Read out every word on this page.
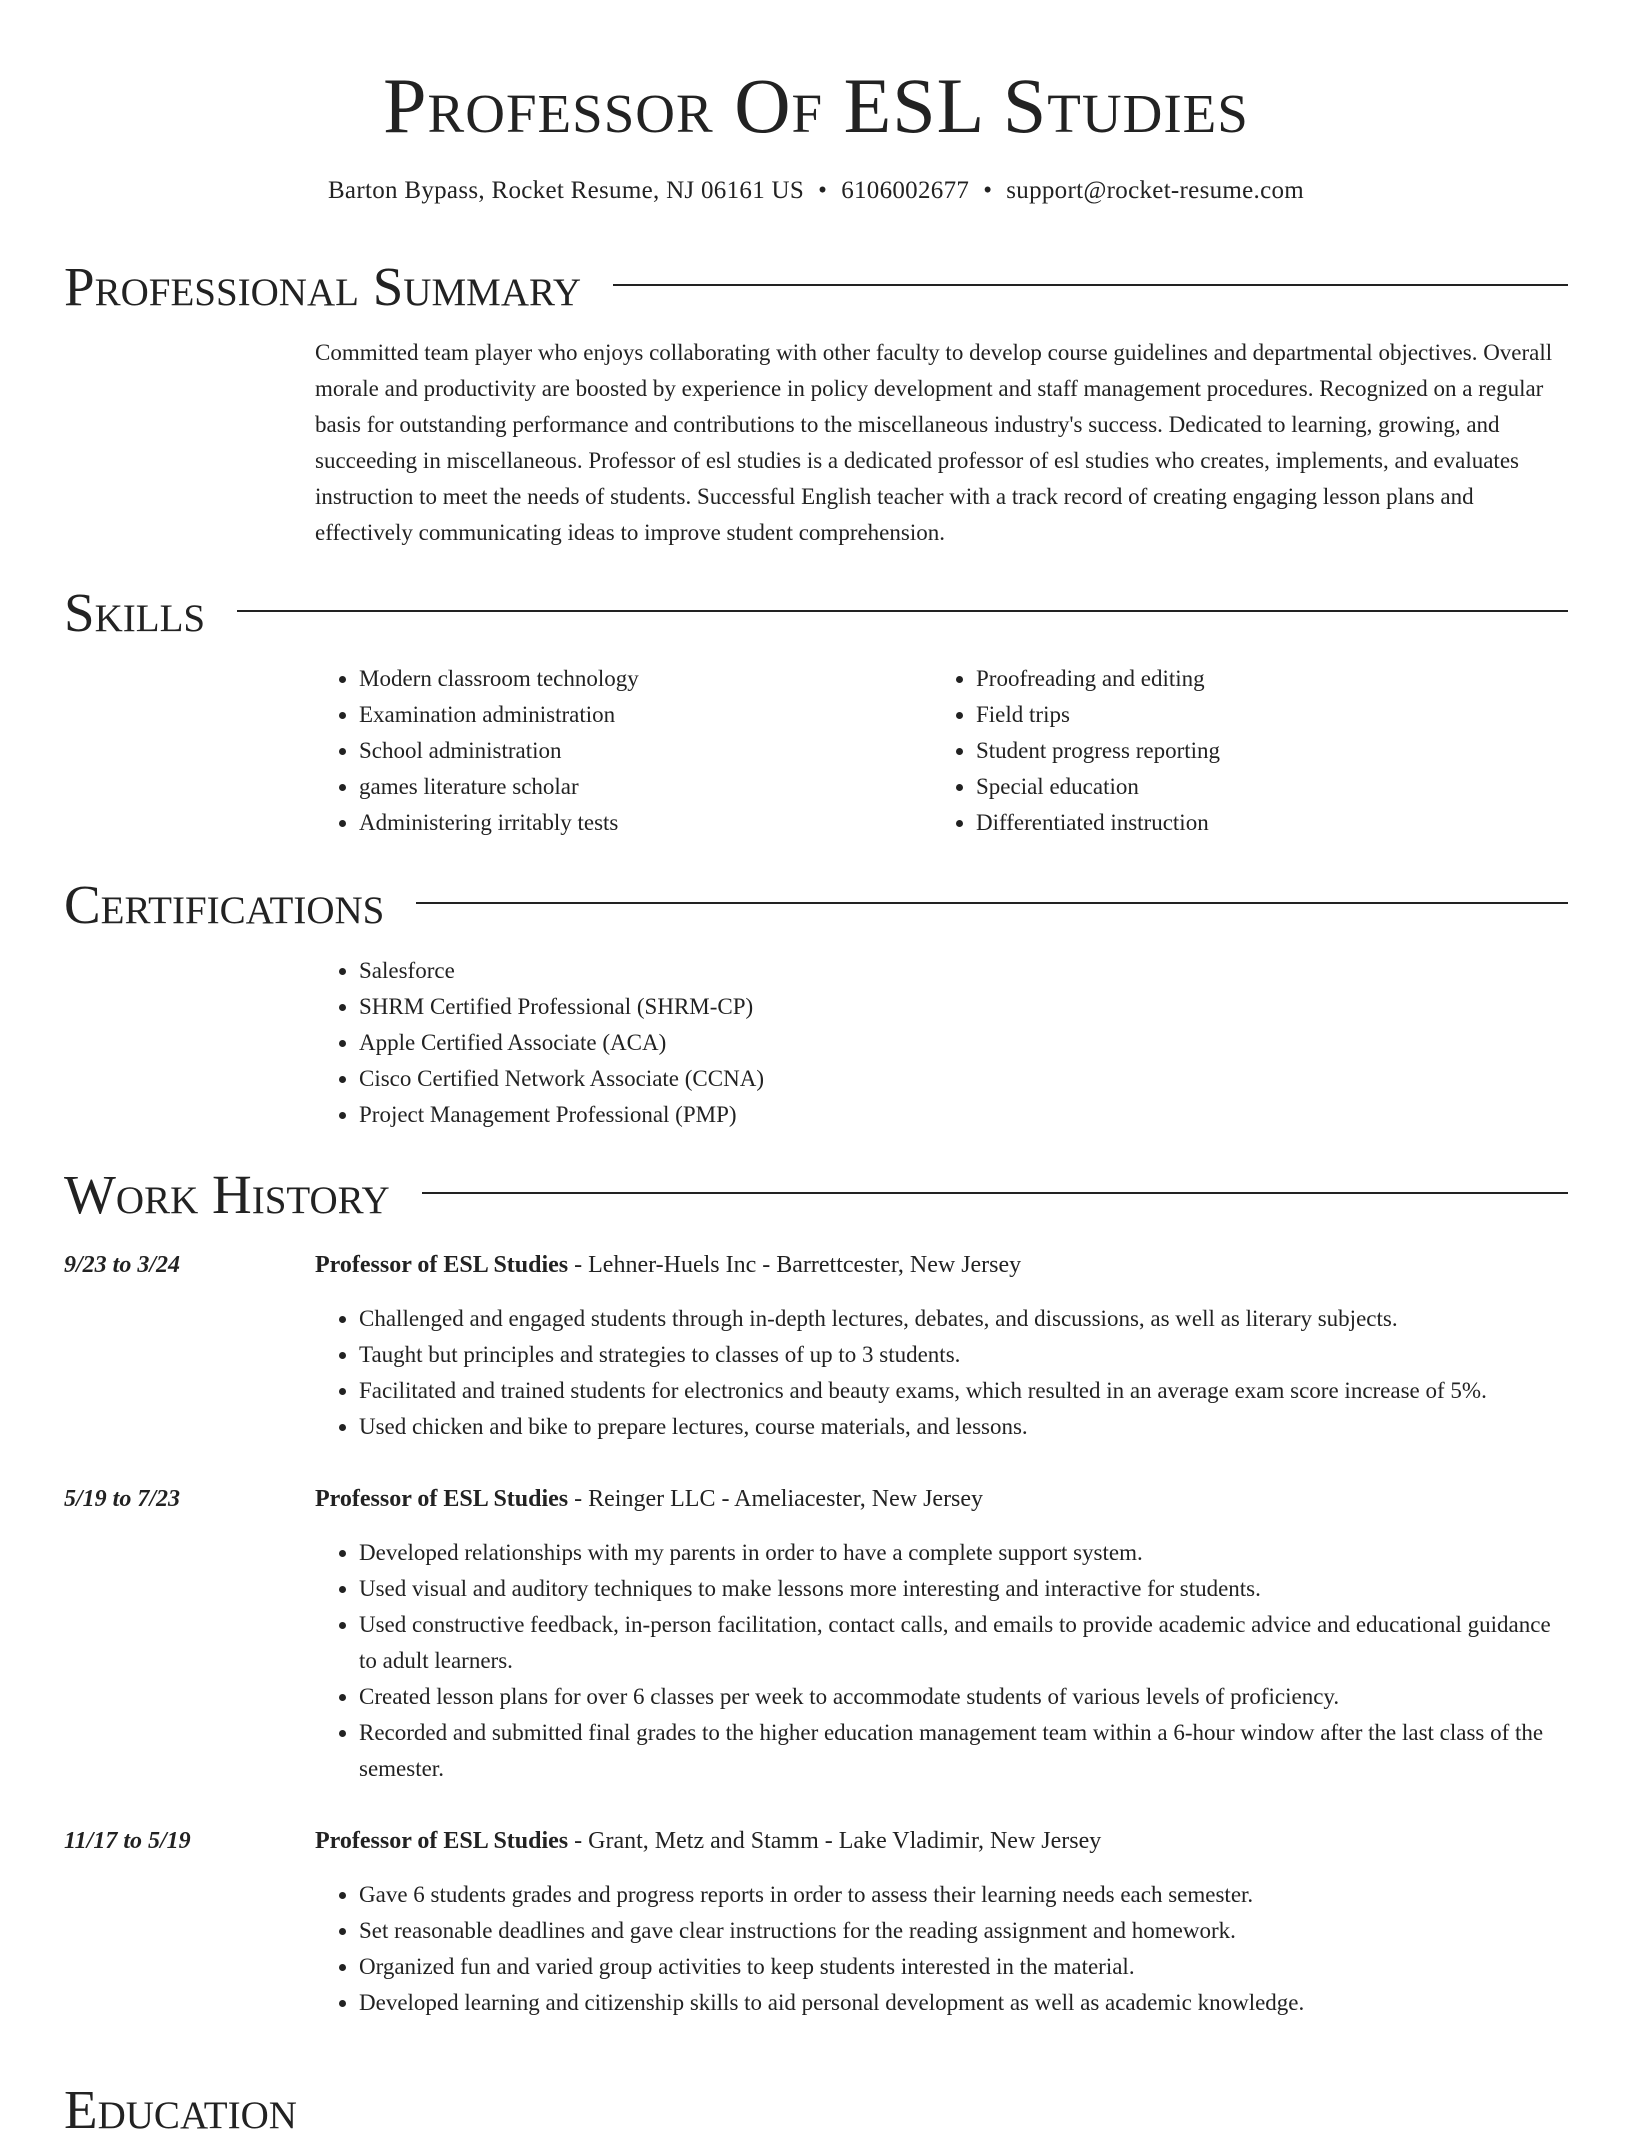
Professor Of ESL Studies
Barton Bypass, Rocket Resume, NJ 06161 US • 6106002677 • support@rocket-resume.com
Professional Summary

Committed team player who enjoys collaborating with other faculty to develop course guidelines and departmental objectives. Overall morale and productivity are boosted by experience in policy development and staff management procedures. Recognized on a regular basis for outstanding performance and contributions to the miscellaneous industry's success. Dedicated to learning, growing, and succeeding in miscellaneous. Professor of esl studies is a dedicated professor of esl studies who creates, implements, and evaluates instruction to meet the needs of students. Successful English teacher with a track record of creating engaging lesson plans and effectively communicating ideas to improve student comprehension.

Skills
• Modern classroom technology
• Examination administration
• School administration
• games literature scholar
• Administering irritably tests
• Proofreading and editing
• Field trips
• Student progress reporting
• Special education
• Differentiated instruction
Certifications
• Salesforce
• SHRM Certified Professional (SHRM-CP)
• Apple Certified Associate (ACA)
• Cisco Certified Network Associate (CCNA)
• Project Management Professional (PMP)
Work History
9/23 to 3/24	Professor of ESL Studies - Lehner-Huels Inc - Barrettcester, New Jersey
• Challenged and engaged students through in-depth lectures, debates, and discussions, as well as literary subjects.
• Taught but principles and strategies to classes of up to 3 students.
• Facilitated and trained students for electronics and beauty exams, which resulted in an average exam score increase of 5%.
• Used chicken and bike to prepare lectures, course materials, and lessons.
5/19 to 7/23	Professor of ESL Studies - Reinger LLC - Ameliacester, New Jersey
• Developed relationships with my parents in order to have a complete support system.
• Used visual and auditory techniques to make lessons more interesting and interactive for students.
• Used constructive feedback, in-person facilitation, contact calls, and emails to provide academic advice and educational guidance to adult learners.
• Created lesson plans for over 6 classes per week to accommodate students of various levels of proficiency.
• Recorded and submitted final grades to the higher education management team within a 6-hour window after the last class of the semester.
11/17 to 5/19	Professor of ESL Studies - Grant, Metz and Stamm - Lake Vladimir, New Jersey
• Gave 6 students grades and progress reports in order to assess their learning needs each semester.
• Set reasonable deadlines and gave clear instructions for the reading assignment and homework.
• Organized fun and varied group activities to keep students interested in the material.
• Developed learning and citizenship skills to aid personal development as well as academic knowledge.
Education
